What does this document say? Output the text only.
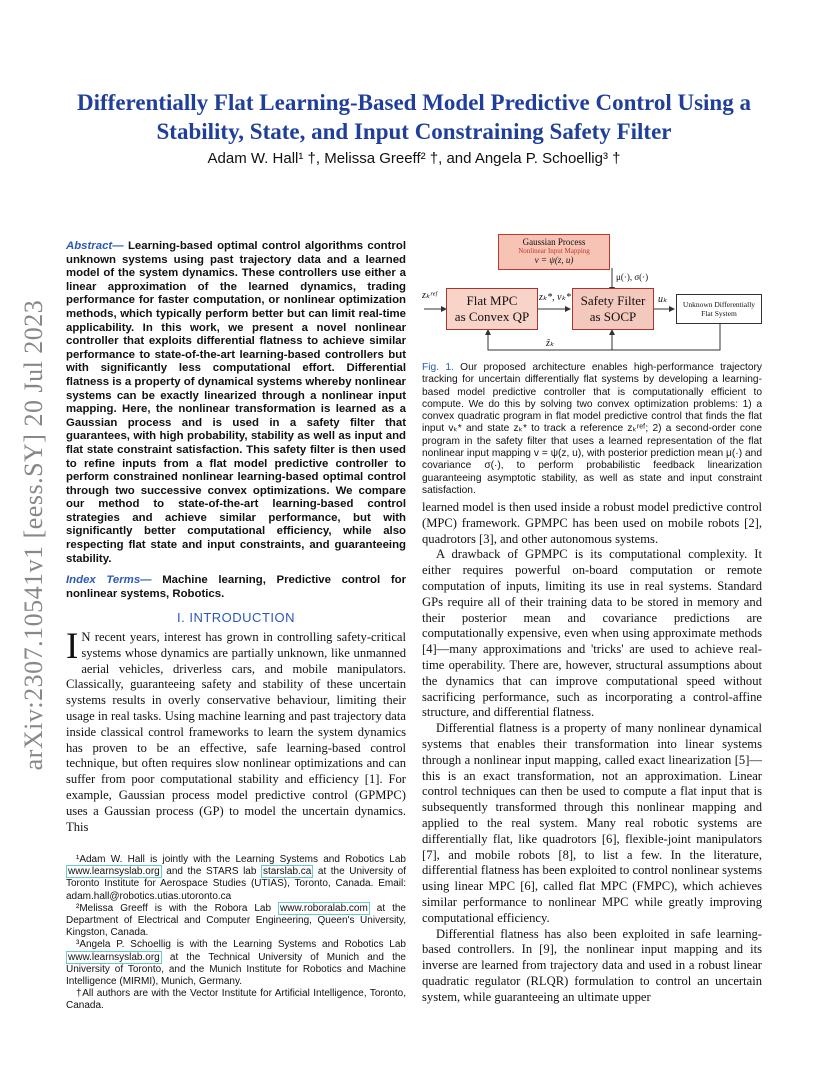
Differentially Flat Learning-Based Model Predictive Control Using a Stability, State, and Input Constraining Safety Filter
Adam W. Hall¹ †, Melissa Greeff² †, and Angela P. Schoellig³ †
arXiv:2307.10541v1 [eess.SY] 20 Jul 2023
Abstract— Learning-based optimal control algorithms control unknown systems using past trajectory data and a learned model of the system dynamics. These controllers use either a linear approximation of the learned dynamics, trading performance for faster computation, or nonlinear optimization methods, which typically perform better but can limit real-time applicability. In this work, we present a novel nonlinear controller that exploits differential flatness to achieve similar performance to state-of-the-art learning-based controllers but with significantly less computational effort. Differential flatness is a property of dynamical systems whereby nonlinear systems can be exactly linearized through a nonlinear input mapping. Here, the nonlinear transformation is learned as a Gaussian process and is used in a safety filter that guarantees, with high probability, stability as well as input and flat state constraint satisfaction. This safety filter is then used to refine inputs from a flat model predictive controller to perform constrained nonlinear learning-based optimal control through two successive convex optimizations. We compare our method to state-of-the-art learning-based control strategies and achieve similar performance, but with significantly better computational efficiency, while also respecting flat state and input constraints, and guaranteeing stability.
Index Terms— Machine learning, Predictive control for nonlinear systems, Robotics.
I. INTRODUCTION
I N recent years, interest has grown in controlling safety-critical systems whose dynamics are partially unknown, like unmanned aerial vehicles, driverless cars, and mobile manipulators. Classically, guaranteeing safety and stability of these uncertain systems results in overly conservative behaviour, limiting their usage in real tasks. Using machine learning and past trajectory data inside classical control frameworks to learn the system dynamics has proven to be an effective, safe learning-based control technique, but often requires slow nonlinear optimizations and can suffer from poor computational stability and efficiency [1]. For example, Gaussian process model predictive control (GPMPC) uses a Gaussian process (GP) to model the uncertain dynamics. This

¹Adam W. Hall is jointly with the Learning Systems and Robotics Lab www.learnsyslab.org and the STARS lab starslab.ca at the University of Toronto Institute for Aerospace Studies (UTIAS), Toronto, Canada. Email: adam.hall@robotics.utias.utoronto.ca

²Melissa Greeff is with the Robora Lab www.roboralab.com at the Department of Electrical and Computer Engineering, Queen's University, Kingston, Canada.

³Angela P. Schoellig is with the Learning Systems and Robotics Lab www.learnsyslab.org at the Technical University of Munich and the University of Toronto, and the Munich Institute for Robotics and Machine Intelligence (MIRMI), Munich, Germany.

†All authors are with the Vector Institute for Artificial Intelligence, Toronto, Canada.

Gaussian Process
Nonlinear Input Mapping
v = ψ(z, u)
μ(·), σ(·)
zₖʳᵉᶠ	Flat MPC
as Convex QP
zₖ*, vₖ* Safety Filter
as SOCP
uₖ	Unknown Differentially
Flat System
ẑₖ
Fig. 1. Our proposed architecture enables high-performance trajectory tracking for uncertain differentially flat systems by developing a learning-based model predictive controller that is computationally efficient to compute. We do this by solving two convex optimization problems: 1) a convex quadratic program in flat model predictive control that finds the flat input vₖ* and state zₖ* to track a reference zₖʳᵉᶠ; 2) a second-order cone program in the safety filter that uses a learned representation of the flat nonlinear input mapping v = ψ(z, u), with posterior prediction mean μ(·) and covariance σ(·), to perform probabilistic feedback linearization guaranteeing asymptotic stability, as well as state and input constraint satisfaction.

learned model is then used inside a robust model predictive control (MPC) framework. GPMPC has been used on mobile robots [2], quadrotors [3], and other autonomous systems.

A drawback of GPMPC is its computational complexity. It either requires powerful on-board computation or remote computation of inputs, limiting its use in real systems. Standard GPs require all of their training data to be stored in memory and their posterior mean and covariance predictions are computationally expensive, even when using approximate methods [4]—many approximations and 'tricks' are used to achieve real-time operability. There are, however, structural assumptions about the dynamics that can improve computational speed without sacrificing performance, such as incorporating a control-affine structure, and differential flatness.

Differential flatness is a property of many nonlinear dynamical systems that enables their transformation into linear systems through a nonlinear input mapping, called exact linearization [5]—this is an exact transformation, not an approximation. Linear control techniques can then be used to compute a flat input that is subsequently transformed through this nonlinear mapping and applied to the real system. Many real robotic systems are differentially flat, like quadrotors [6], flexible-joint manipulators [7], and mobile robots [8], to list a few. In the literature, differential flatness has been exploited to control nonlinear systems using linear MPC [6], called flat MPC (FMPC), which achieves similar performance to nonlinear MPC while greatly improving computational efficiency.

Differential flatness has also been exploited in safe learning-based controllers. In [9], the nonlinear input mapping and its inverse are learned from trajectory data and used in a robust linear quadratic regulator (RLQR) formulation to control an uncertain system, while guaranteeing an ultimate upper
